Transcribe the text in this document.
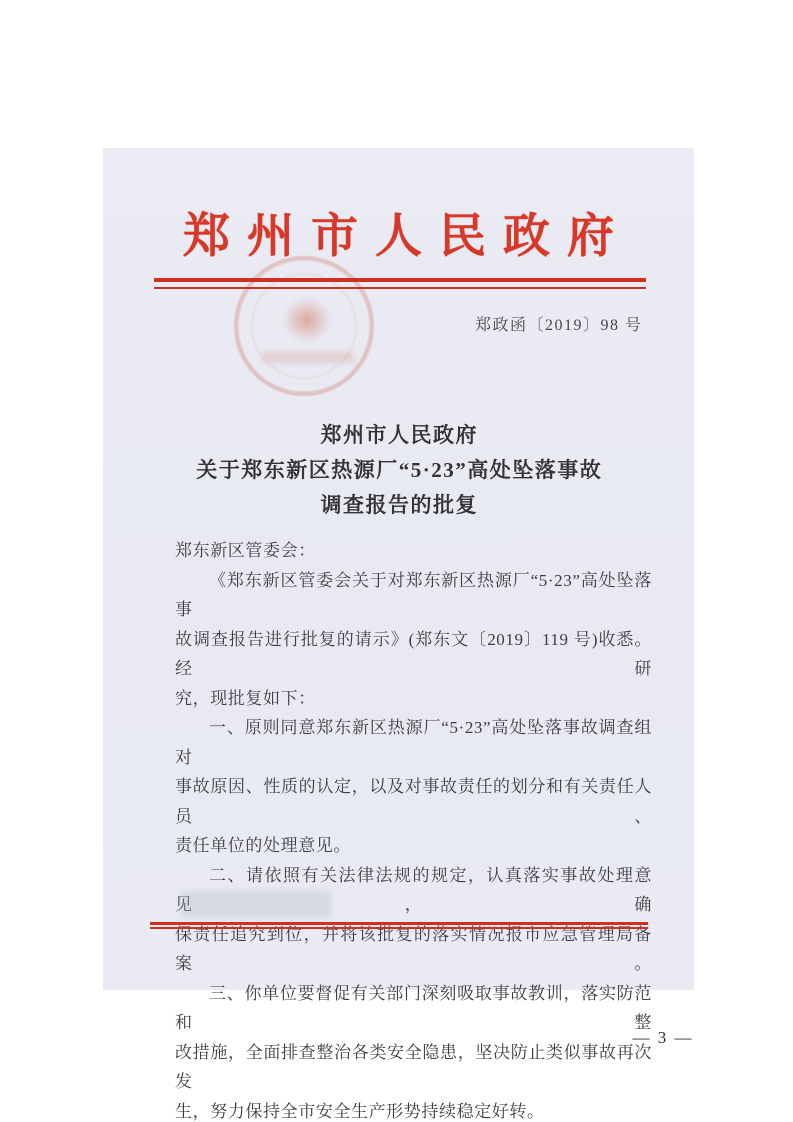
郑州市人民政府
郑政函〔2019〕98 号
郑州市人民政府
关于郑东新区热源厂“5·23”高处坠落事故
调查报告的批复
郑东新区管委会：
《郑东新区管委会关于对郑东新区热源厂“5·23”高处坠落事
故调查报告进行批复的请示》(郑东文〔2019〕119 号)收悉。经研
究，现批复如下：
一、原则同意郑东新区热源厂“5·23”高处坠落事故调查组对
事故原因、性质的认定，以及对事故责任的划分和有关责任人员、
责任单位的处理意见。
二、请依照有关法律法规的规定，认真落实事故处理意见，确
保责任追究到位，并将该批复的落实情况报市应急管理局备案。
三、你单位要督促有关部门深刻吸取事故教训，落实防范和整
改措施，全面排查整治各类安全隐患，坚决防止类似事故再次发
生，努力保持全市安全生产形势持续稳定好转。
— 3 —
